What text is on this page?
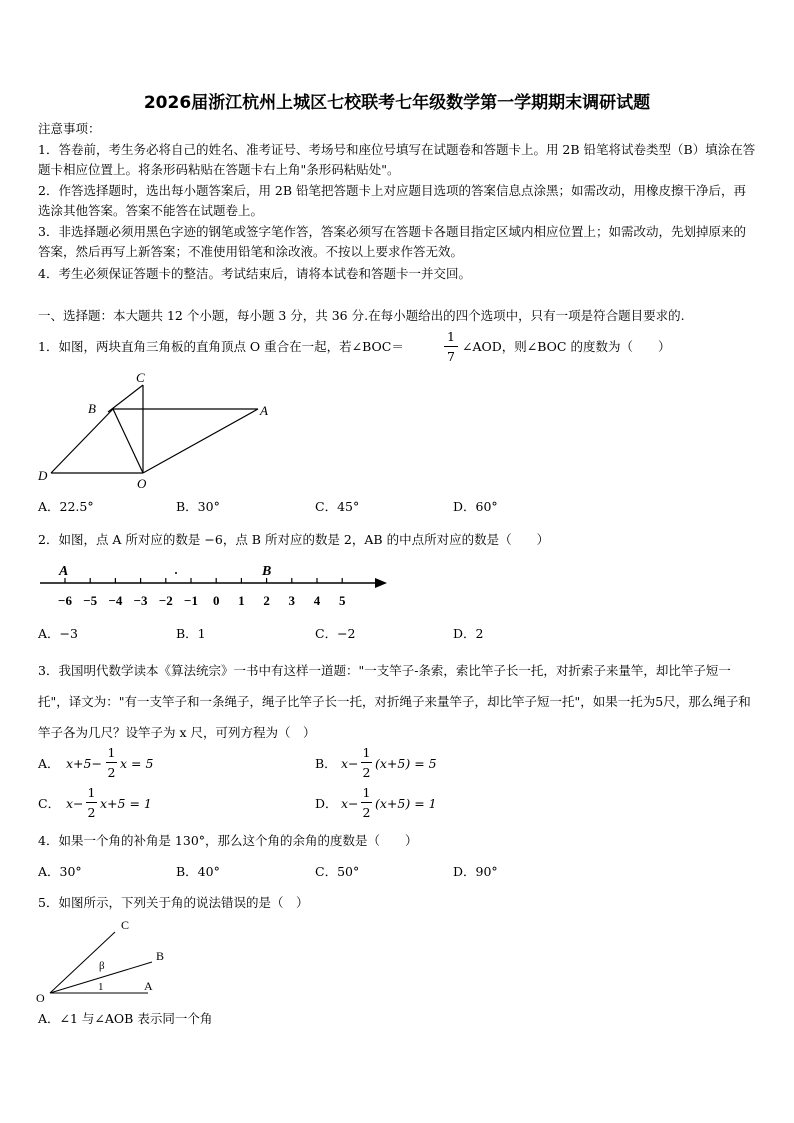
2026届浙江杭州上城区七校联考七年级数学第一学期期末调研试题
注意事项：
1．答卷前，考生务必将自己的姓名、准考证号、考场号和座位号填写在试题卷和答题卡上。用 2B 铅笔将试卷类型（B）填涂在答题卡相应位置上。将条形码粘贴在答题卡右上角"条形码粘贴处"。
2．作答选择题时，选出每小题答案后，用 2B 铅笔把答题卡上对应题目选项的答案信息点涂黑；如需改动，用橡皮擦干净后，再选涂其他答案。答案不能答在试题卷上。
3．非选择题必须用黑色字迹的钢笔或签字笔作答，答案必须写在答题卡各题目指定区域内相应位置上；如需改动，先划掉原来的答案，然后再写上新答案；不准使用铅笔和涂改液。不按以上要求作答无效。
4．考生必须保证答题卡的整洁。考试结束后，请将本试卷和答题卡一并交回。
一、选择题：本大题共 12 个小题，每小题 3 分，共 36 分.在每小题给出的四个选项中，只有一项是符合题目要求的.
1．如图，两块直角三角板的直角顶点 O 重合在一起，若∠BOC＝
1
7
∠AOD，则∠BOC 的度数为（　　）
C
B	A
D
O
A．22.5°	B．30°	C．45°	D．60°
2．如图，点 A 所对应的数是 −6，点 B 所对应的数是 2，AB 的中点所对应的数是（　　）
−6 −5 −4 −3 −2 −1 0 1 2 3 4 5
A	B
A．−3	B．1	C．−2	D．2
3．我国明代数学读本《算法统宗》一书中有这样一道题："一支竿子-条索，索比竿子长一托，对折索子来量竿，却比竿子短一托"，译文为："有一支竿子和一条绳子，绳子比竿子长一托，对折绳子来量竿子，却比竿子短一托"，如果一托为5尺，那么绳子和竿子各为几尺？设竿子为 x 尺，可列方程为（　）
A． x+5−
1
2
x = 5	B． x−
1
2
(x+5) = 5
C． x−
1
2
x+5 = 1	D． x−
1
2
(x+5) = 1
4．如果一个角的补角是 130°，那么这个角的余角的度数是（　　）
A．30°	B．40°	C．50°	D．90°
5．如图所示，下列关于角的说法错误的是（　）
C
B
β
1
O
A
A．∠1 与∠AOB 表示同一个角
